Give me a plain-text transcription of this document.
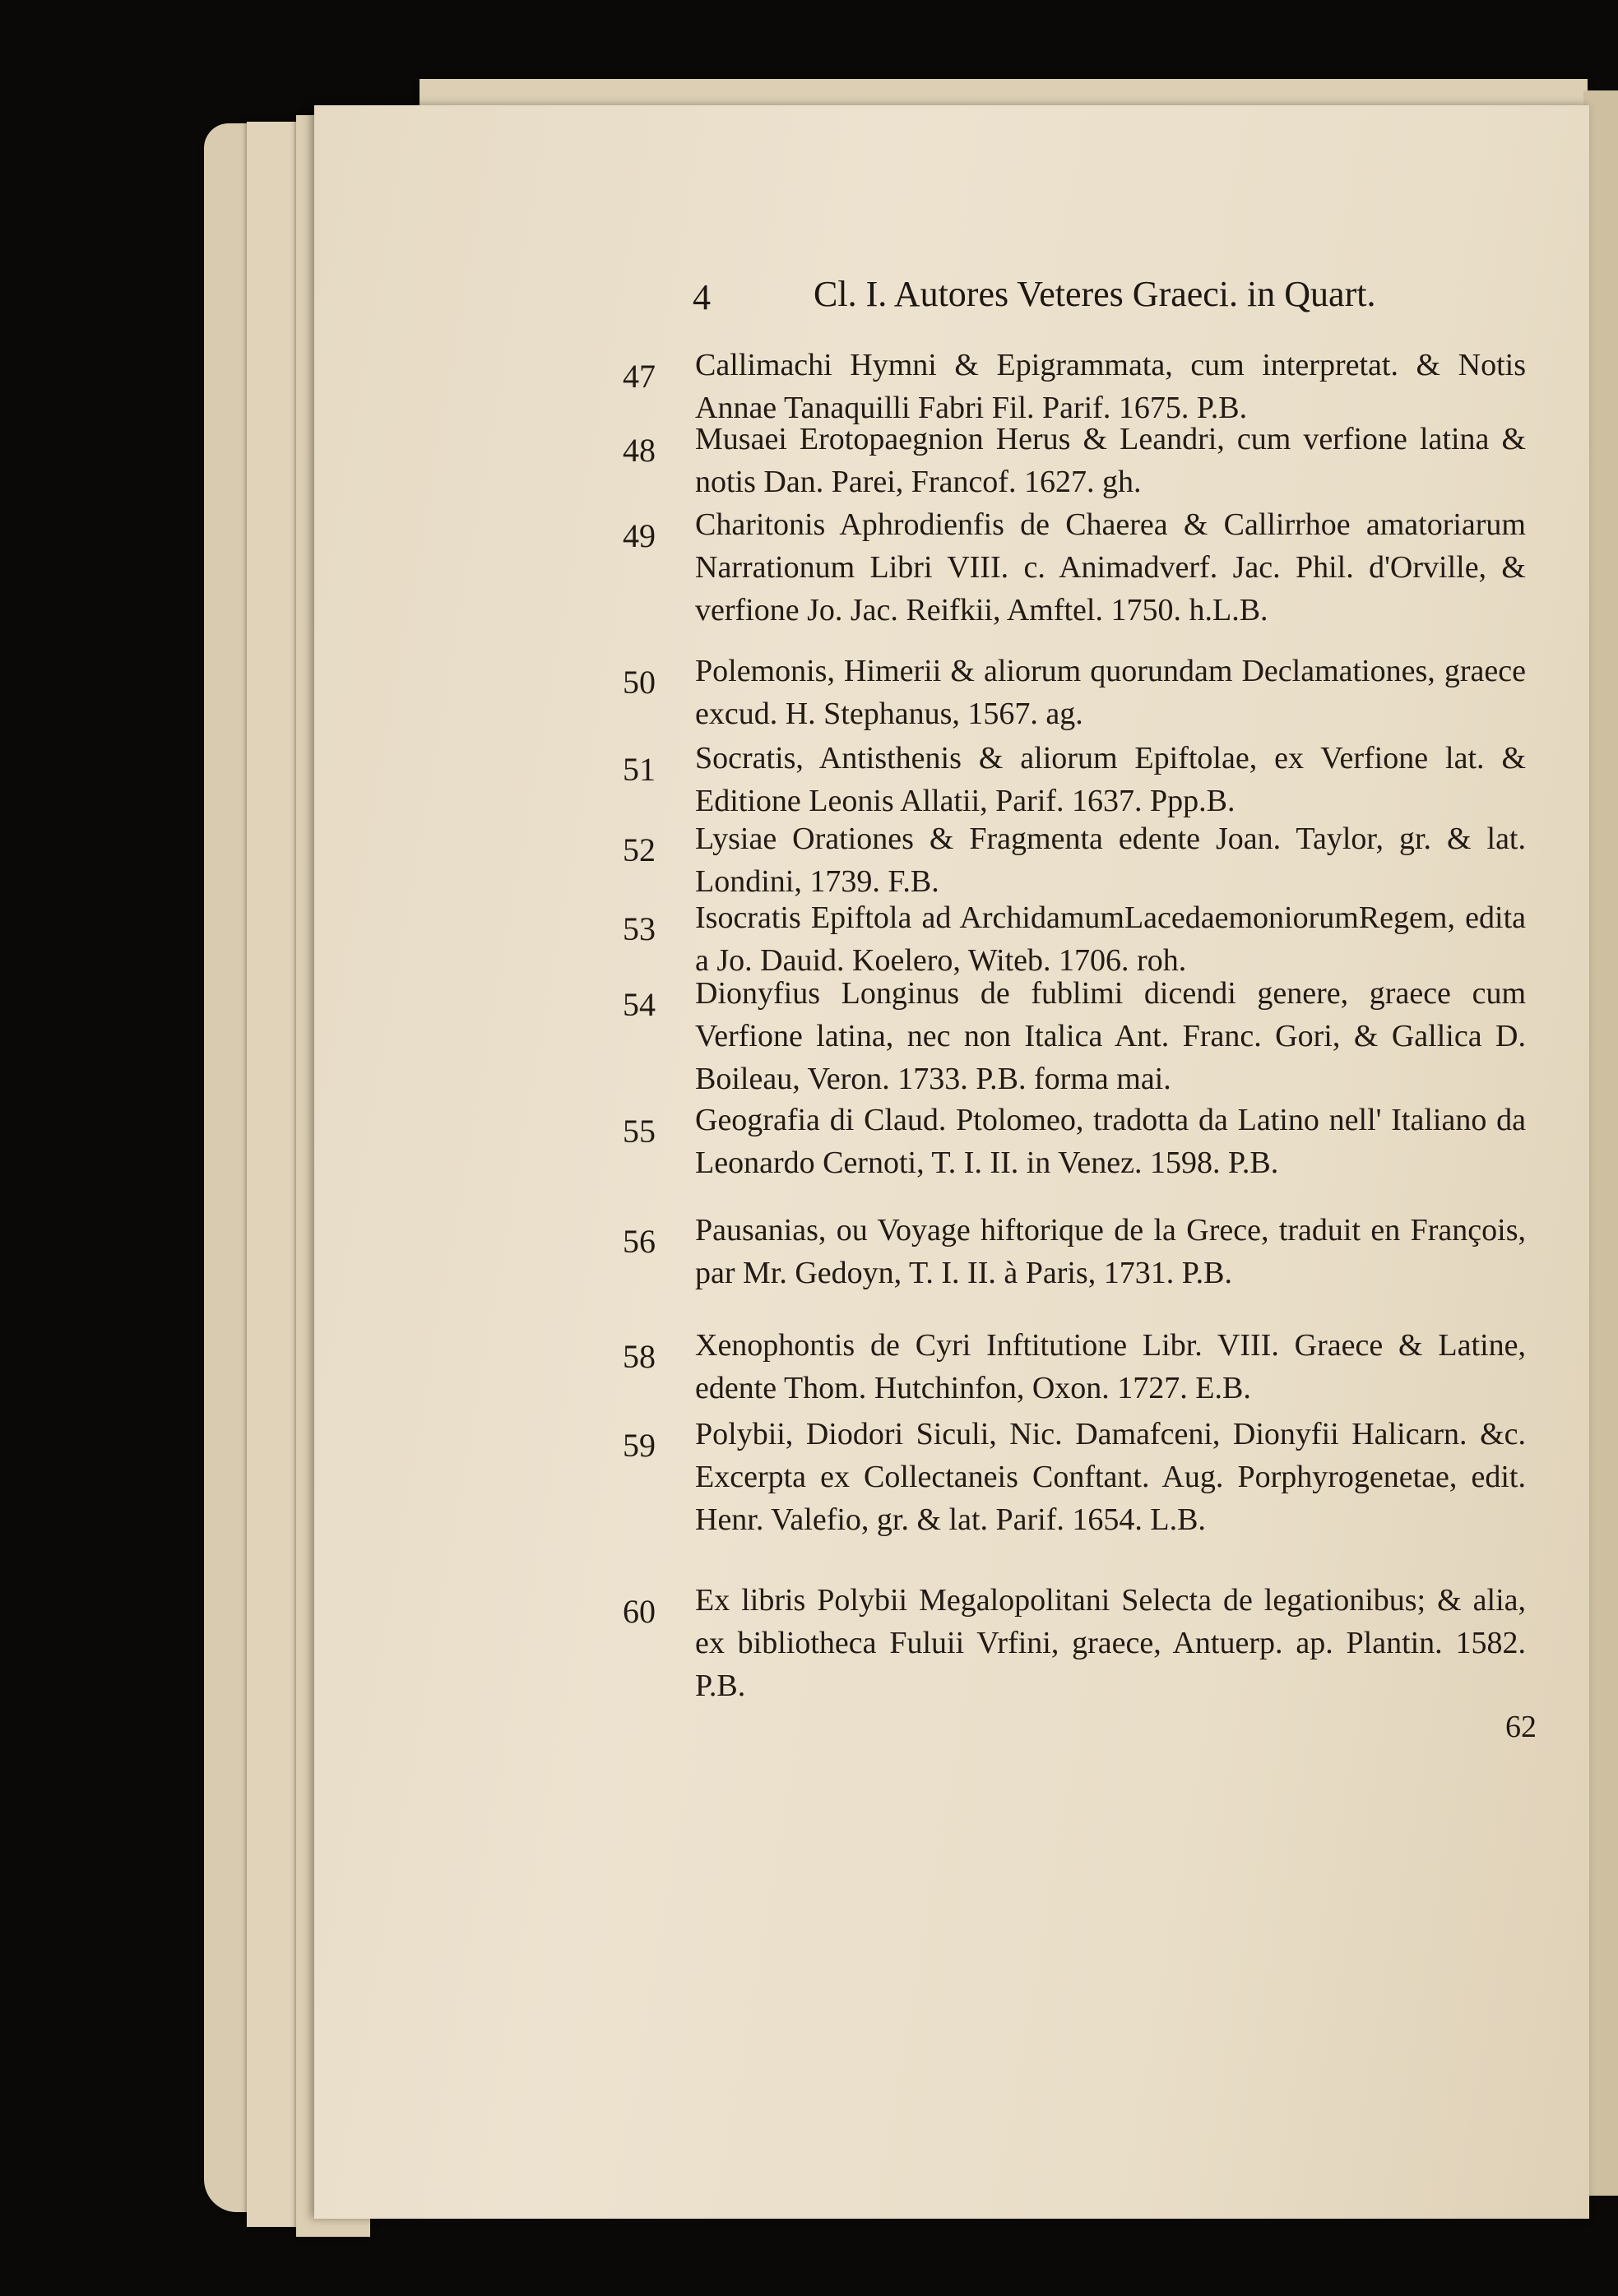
4	Cl. I. Autores Veteres Graeci. in Quart.
47 Callimachi Hymni & Epigrammata, cum interpretat. & Notis Annae Tanaquilli Fabri Fil. Parif. 1675. P.B.
48 Musaei Erotopaegnion Herus & Leandri, cum verfione latina & notis Dan. Parei, Francof. 1627. gh.
49 Charitonis Aphrodienfis de Chaerea & Callirrhoe amatoriarum Narrationum Libri VIII. c. Animadverf. Jac. Phil. d'Orville, & verfione Jo. Jac. Reifkii, Amftel. 1750. h.L.B.
50 Polemonis, Himerii & aliorum quorundam Declamationes, graece excud. H. Stephanus, 1567. ag.
51 Socratis, Antisthenis & aliorum Epiftolae, ex Verfione lat. & Editione Leonis Allatii, Parif. 1637. Ppp.B.
52 Lysiae Orationes & Fragmenta edente Joan. Taylor, gr. & lat. Londini, 1739. F.B.
53 Isocratis Epiftola ad ArchidamumLacedaemoniorumRegem, edita a Jo. Dauid. Koelero, Witeb. 1706. roh.
54 Dionyfius Longinus de fublimi dicendi genere, graece cum Verfione latina, nec non Italica Ant. Franc. Gori, & Gallica D. Boileau, Veron. 1733. P.B. forma mai.
55 Geografia di Claud. Ptolomeo, tradotta da Latino nell' Italiano da Leonardo Cernoti, T. I. II. in Venez. 1598. P.B.
56 Pausanias, ou Voyage hiftorique de la Grece, traduit en François, par Mr. Gedoyn, T. I. II. à Paris, 1731. P.B.
58 Xenophontis de Cyri Inftitutione Libr. VIII. Graece & Latine, edente Thom. Hutchinfon, Oxon. 1727. E.B.
59 Polybii, Diodori Siculi, Nic. Damafceni, Dionyfii Halicarn. &c. Excerpta ex Collectaneis Conftant. Aug. Porphyrogenetae, edit. Henr. Valefio, gr. & lat. Parif. 1654. L.B.
60 Ex libris Polybii Megalopolitani Selecta de legationibus; & alia, ex bibliotheca Fuluii Vrfini, graece, Antuerp. ap. Plantin. 1582. P.B.
62
